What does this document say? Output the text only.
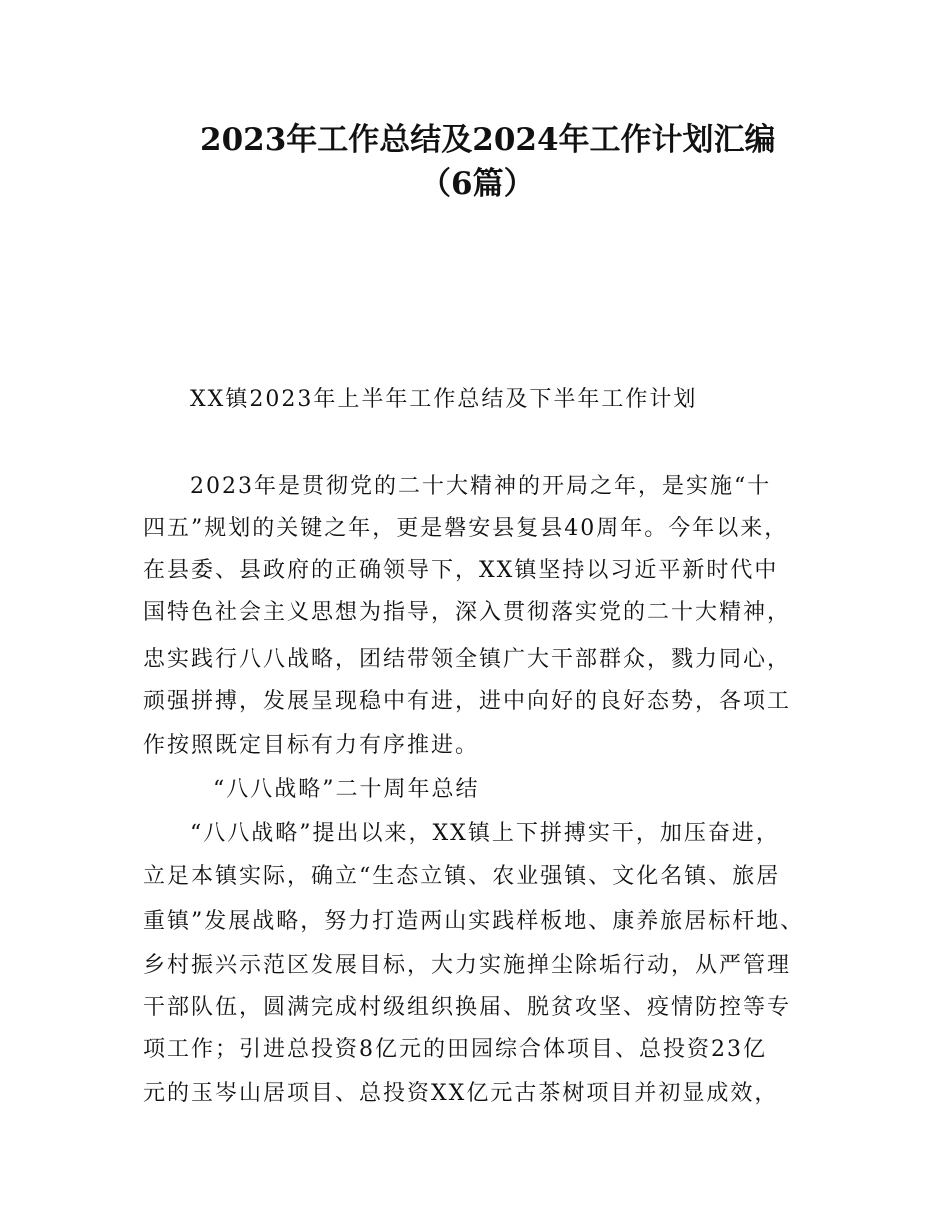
2023年工作总结及2024年工作计划汇编
（6篇）
XX镇2023年上半年工作总结及下半年工作计划
2023年是贯彻党的二十大精神的开局之年，是实施“十
四五”规划的关键之年，更是磐安县复县40周年。今年以来，
在县委、县政府的正确领导下，XX镇坚持以习近平新时代中
国特色社会主义思想为指导，深入贯彻落实党的二十大精神，
忠实践行八八战略，团结带领全镇广大干部群众，戮力同心，
顽强拼搏，发展呈现稳中有进，进中向好的良好态势，各项工
作按照既定目标有力有序推进。
“八八战略”二十周年总结
“八八战略”提出以来，XX镇上下拼搏实干，加压奋进，
立足本镇实际，确立“生态立镇、农业强镇、文化名镇、旅居
重镇”发展战略，努力打造两山实践样板地、康养旅居标杆地、
乡村振兴示范区发展目标，大力实施掸尘除垢行动，从严管理
干部队伍，圆满完成村级组织换届、脱贫攻坚、疫情防控等专
项工作；引进总投资8亿元的田园综合体项目、总投资23亿
元的玉岑山居项目、总投资XX亿元古茶树项目并初显成效，
